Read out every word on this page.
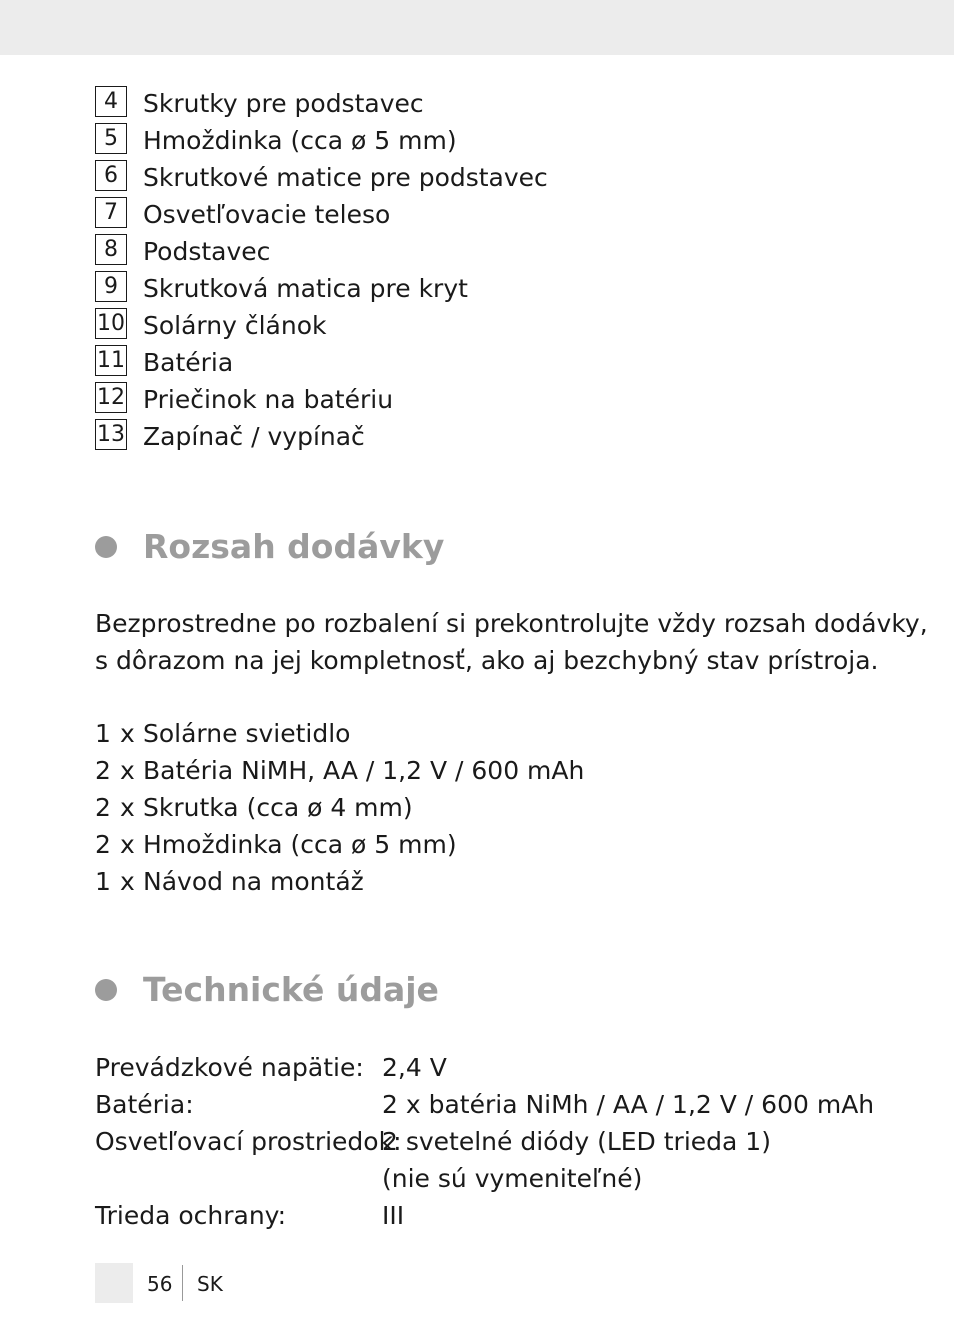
4	Skrutky pre podstavec
5	Hmoždinka (cca ø 5 mm)
6	Skrutkové matice pre podstavec
7	Osvetľovacie teleso
8	Podstavec
9	Skrutková matica pre kryt
10 Solárny článok
11 Batéria
12 Priečinok na batériu
13 Zapínač / vypínač
Rozsah dodávky
Bezprostredne po rozbalení si prekontrolujte vždy rozsah dodávky,
s dôrazom na jej kompletnosť, ako aj bezchybný stav prístroja.
1 x Solárne svietidlo
2 x Batéria NiMH, AA / 1,2 V / 600 mAh
2 x Skrutka (cca ø 4 mm)
2 x Hmoždinka (cca ø 5 mm)
1 x Návod na montáž
Technické údaje
Prevádzkové napätie: 2,4 V
Batéria:	2 x batéria NiMh / AA / 1,2 V / 600 mAh
Osvetľovací prostriedok:
2 svetelné diódy (LED trieda 1)
(nie sú vymeniteľné)
Trieda ochrany:	III
56 SK
